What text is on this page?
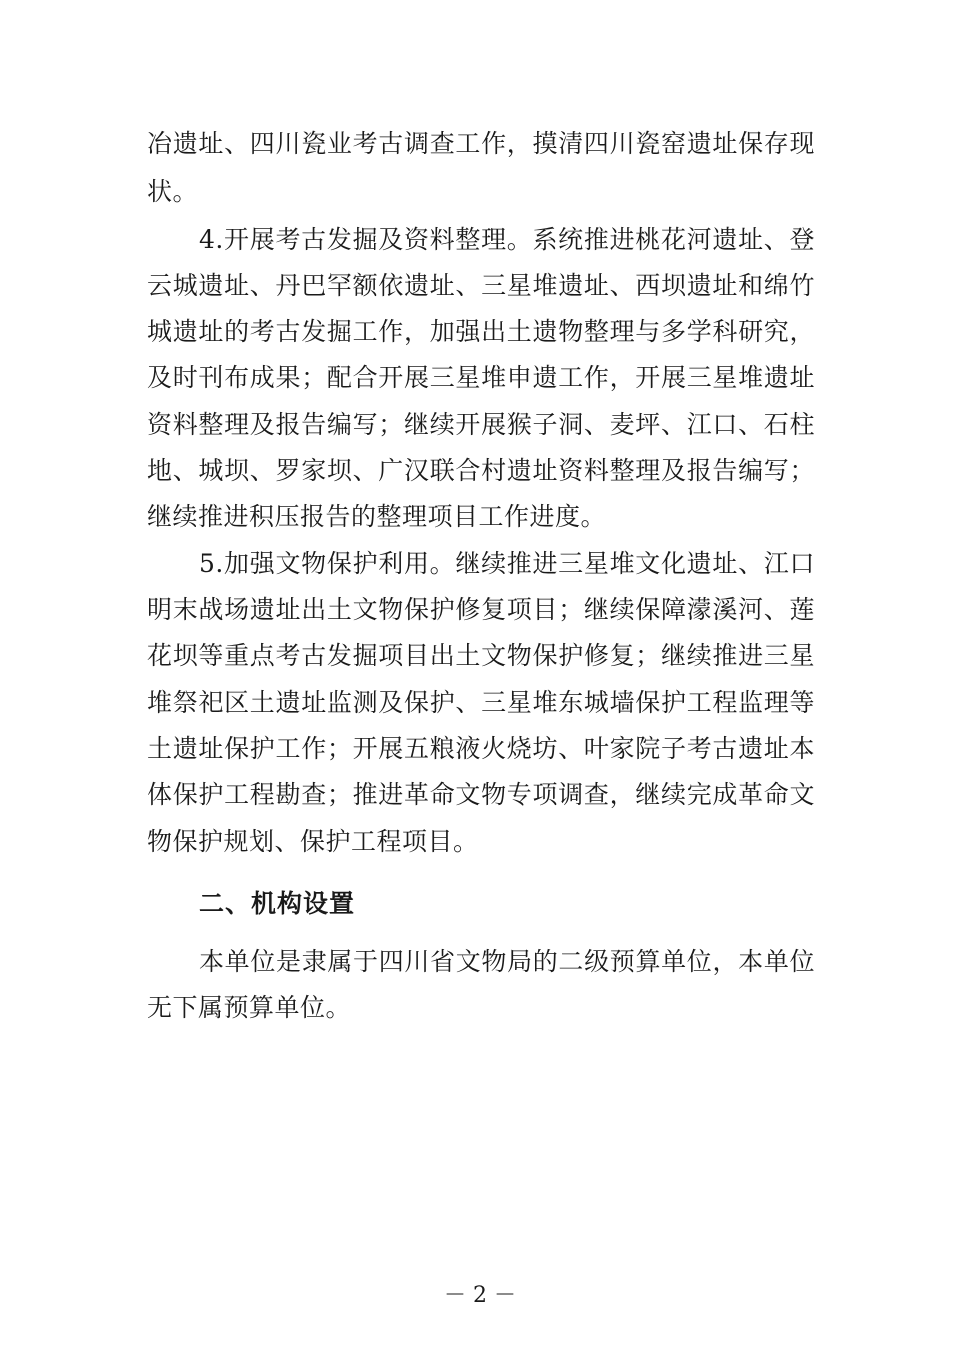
冶遗址、四川瓷业考古调查工作，摸清四川瓷窑遗址保存现
状。
4.开展考古发掘及资料整理。系统推进桃花河遗址、登
云城遗址、丹巴罕额依遗址、三星堆遗址、西坝遗址和绵竹
城遗址的考古发掘工作，加强出土遗物整理与多学科研究，
及时刊布成果；配合开展三星堆申遗工作，开展三星堆遗址
资料整理及报告编写；继续开展猴子洞、麦坪、江口、石柱
地、城坝、罗家坝、广汉联合村遗址资料整理及报告编写；
继续推进积压报告的整理项目工作进度。
5.加强文物保护利用。继续推进三星堆文化遗址、江口
明末战场遗址出土文物保护修复项目；继续保障濛溪河、莲
花坝等重点考古发掘项目出土文物保护修复；继续推进三星
堆祭祀区土遗址监测及保护、三星堆东城墙保护工程监理等
土遗址保护工作；开展五粮液火烧坊、叶家院子考古遗址本
体保护工程勘查；推进革命文物专项调查，继续完成革命文
物保护规划、保护工程项目。
二、机构设置
本单位是隶属于四川省文物局的二级预算单位，本单位
无下属预算单位。
－ 2 －
